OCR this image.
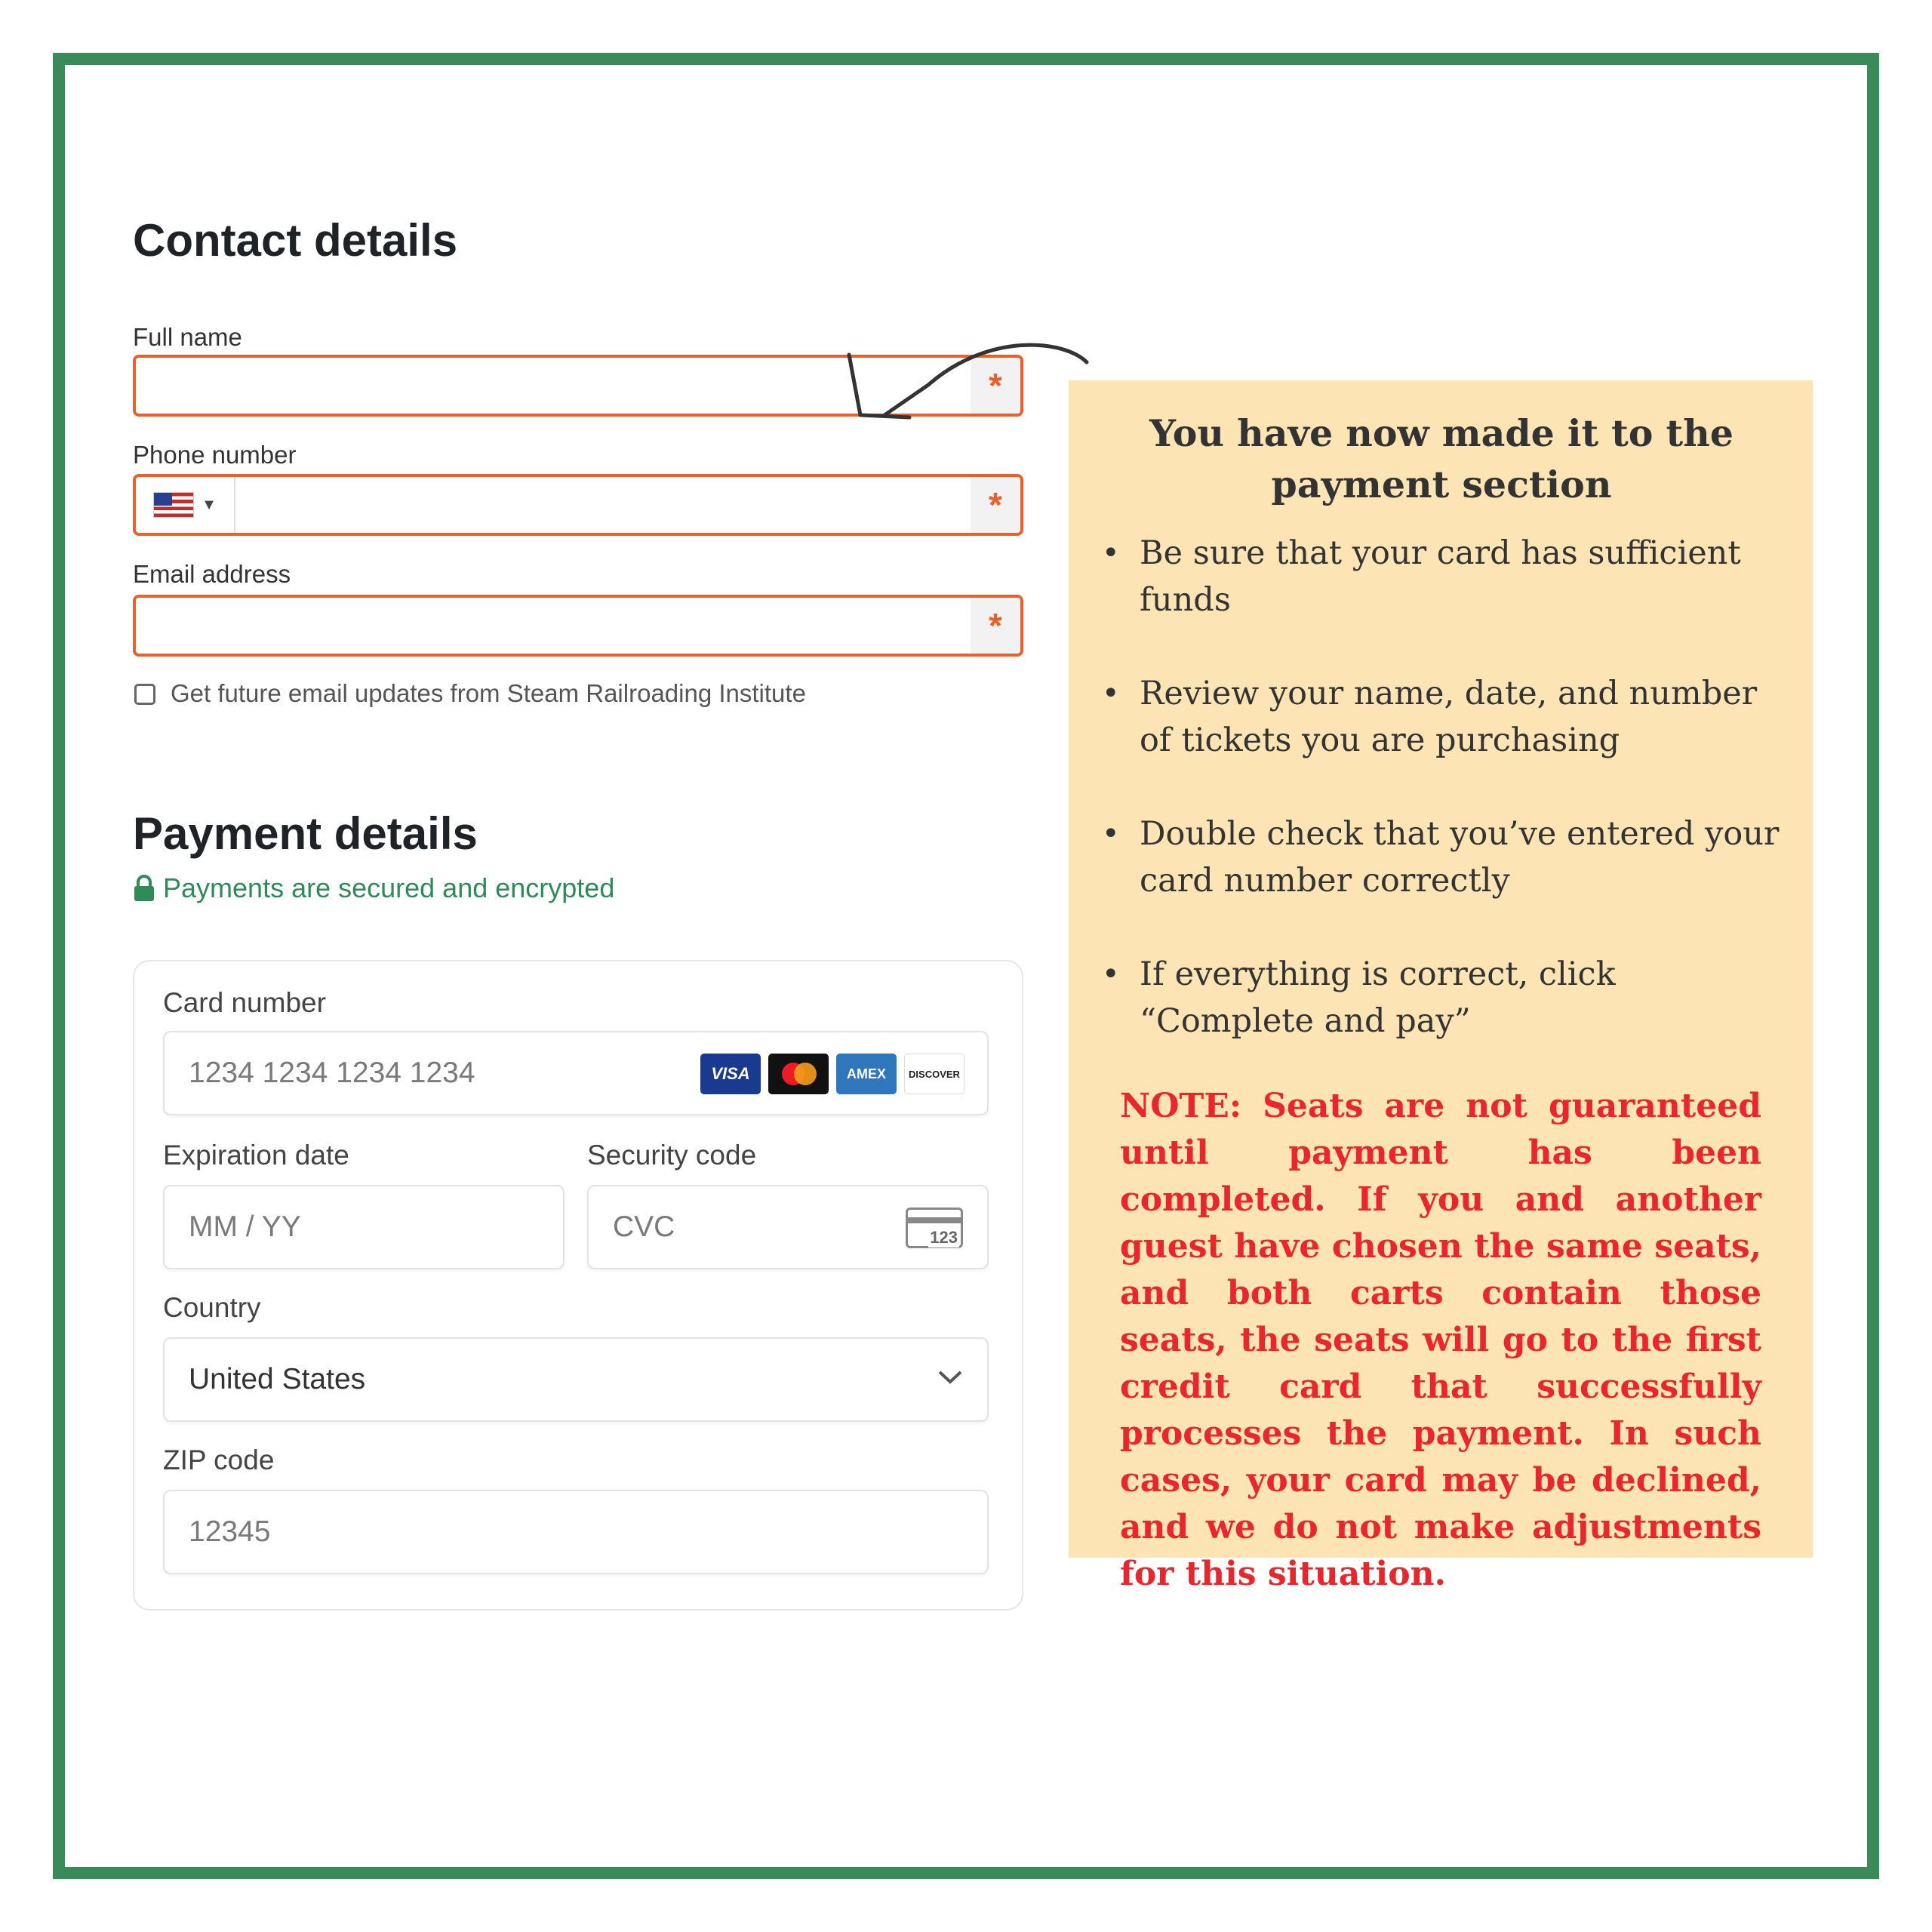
Contact details
Full name
*
Phone number
▼	*
Email address
*
Get future email updates from Steam Railroading Institute
Payment details
Payments are secured and encrypted
Card number
1234 1234 1234 1234	VISA	AMEX	DISCOVER
Expiration date
MM / YY
Security code
CVC	123
Country
United States
ZIP code
12345
You have now made it to the payment section
• Be sure that your card has sufficient funds
• Review your name, date, and number of tickets you are purchasing
• Double check that you’ve entered your card number correctly
• If everything is correct, click “Complete and pay”
NOTE: Seats are not guaranteed until payment has been completed. If you and another guest have chosen the same seats, and both carts contain those seats, the seats will go to the first credit card that successfully processes the payment. In such cases, your card may be declined, and we do not make adjustments for this situation.
